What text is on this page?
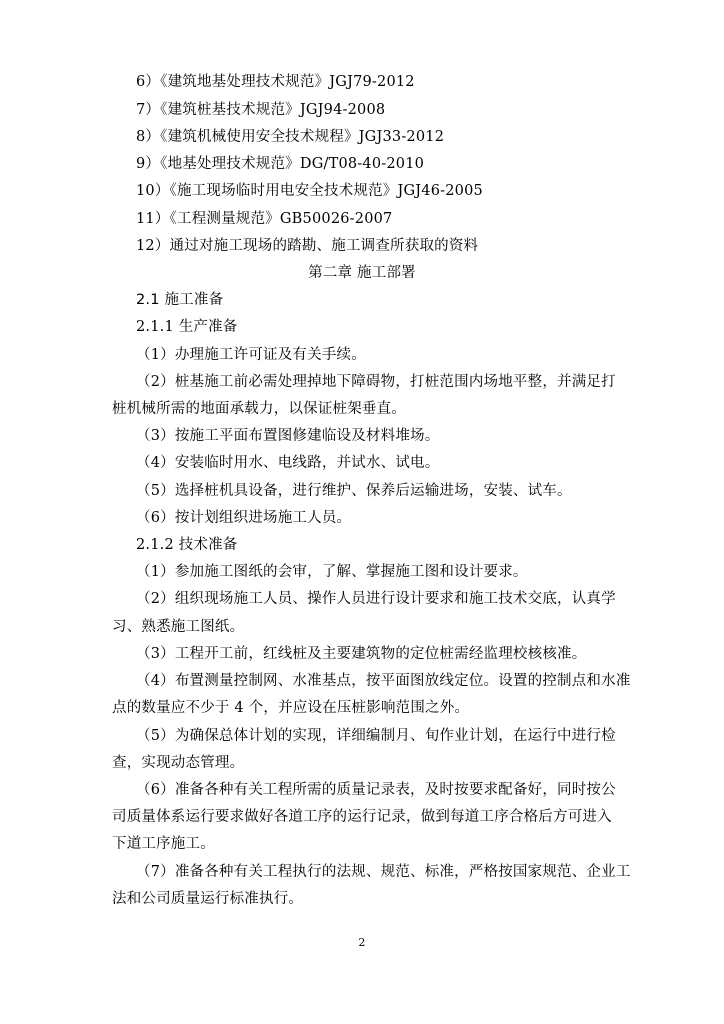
6）《建筑地基处理技术规范》JGJ79-2012
7）《建筑桩基技术规范》JGJ94-2008
8）《建筑机械使用安全技术规程》JGJ33-2012
9）《地基处理技术规范》DG/T08-40-2010
10）《施工现场临时用电安全技术规范》JGJ46-2005
11）《工程测量规范》GB50026-2007
12）通过对施工现场的踏勘、施工调查所获取的资料
第二章 施工部署
2.1 施工准备
2.1.1 生产准备
（1）办理施工许可证及有关手续。
（2）桩基施工前必需处理掉地下障碍物，打桩范围内场地平整，并满足打
桩机械所需的地面承载力，以保证桩架垂直。
（3）按施工平面布置图修建临设及材料堆场。
（4）安装临时用水、电线路，并试水、试电。
（5）选择桩机具设备，进行维护、保养后运输进场，安装、试车。
（6）按计划组织进场施工人员。
2.1.2 技术准备
（1）参加施工图纸的会审，了解、掌握施工图和设计要求。
（2）组织现场施工人员、操作人员进行设计要求和施工技术交底，认真学
习、熟悉施工图纸。
（3）工程开工前，红线桩及主要建筑物的定位桩需经监理校核核准。
（4）布置测量控制网、水准基点，按平面图放线定位。设置的控制点和水准
点的数量应不少于 4 个，并应设在压桩影响范围之外。
（5）为确保总体计划的实现，详细编制月、旬作业计划，在运行中进行检
查，实现动态管理。
（6）准备各种有关工程所需的质量记录表，及时按要求配备好，同时按公
司质量体系运行要求做好各道工序的运行记录，做到每道工序合格后方可进入
下道工序施工。
（7）准备各种有关工程执行的法规、规范、标准，严格按国家规范、企业工
法和公司质量运行标准执行。
2
